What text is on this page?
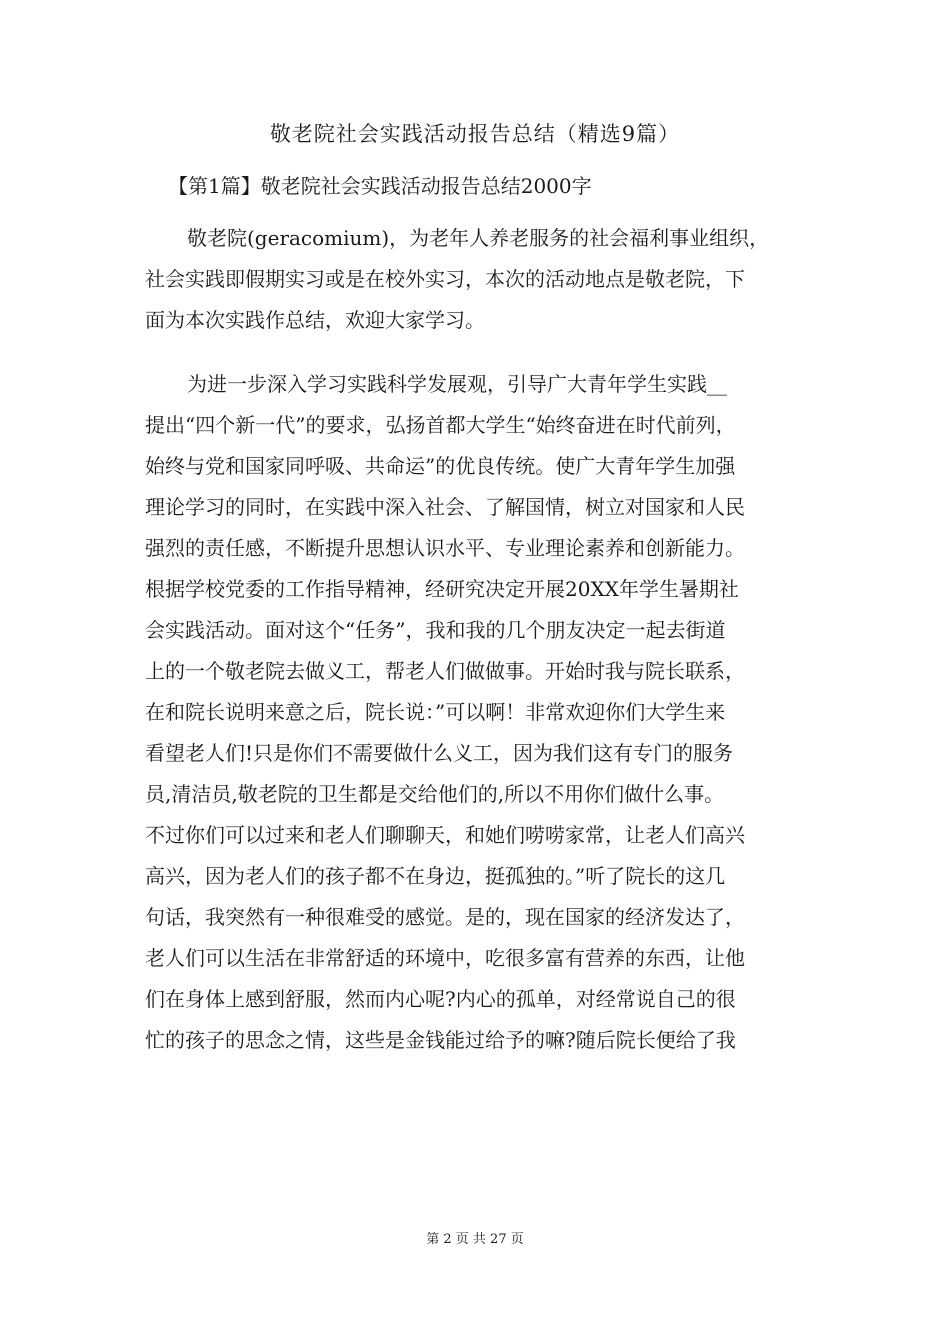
敬老院社会实践活动报告总结（精选9篇）
【第1篇】敬老院社会实践活动报告总结2000字
敬老院(geracomium)，为老年人养老服务的社会福利事业组织，
社会实践即假期实习或是在校外实习，本次的活动地点是敬老院，下
面为本次实践作总结，欢迎大家学习。
为进一步深入学习实践科学发展观，引导广大青年学生实践__
提出“四个新一代”的要求，弘扬首都大学生“始终奋进在时代前列，
始终与党和国家同呼吸、共命运”的优良传统。使广大青年学生加强
理论学习的同时，在实践中深入社会、了解国情，树立对国家和人民
强烈的责任感，不断提升思想认识水平、专业理论素养和创新能力。
根据学校党委的工作指导精神，经研究决定开展20XX年学生暑期社
会实践活动。面对这个“任务”，我和我的几个朋友决定一起去街道
上的一个敬老院去做义工，帮老人们做做事。开始时我与院长联系，
在和院长说明来意之后，院长说：”可以啊！非常欢迎你们大学生来
看望老人们!只是你们不需要做什么义工，因为我们这有专门的服务
员,清洁员,敬老院的卫生都是交给他们的,所以不用你们做什么事。
不过你们可以过来和老人们聊聊天，和她们唠唠家常，让老人们高兴
高兴，因为老人们的孩子都不在身边，挺孤独的。”听了院长的这几
句话，我突然有一种很难受的感觉。是的，现在国家的经济发达了，
老人们可以生活在非常舒适的环境中，吃很多富有营养的东西，让他
们在身体上感到舒服，然而内心呢?内心的孤单，对经常说自己的很
忙的孩子的思念之情，这些是金钱能过给予的嘛?随后院长便给了我
第 2 页 共 27 页
